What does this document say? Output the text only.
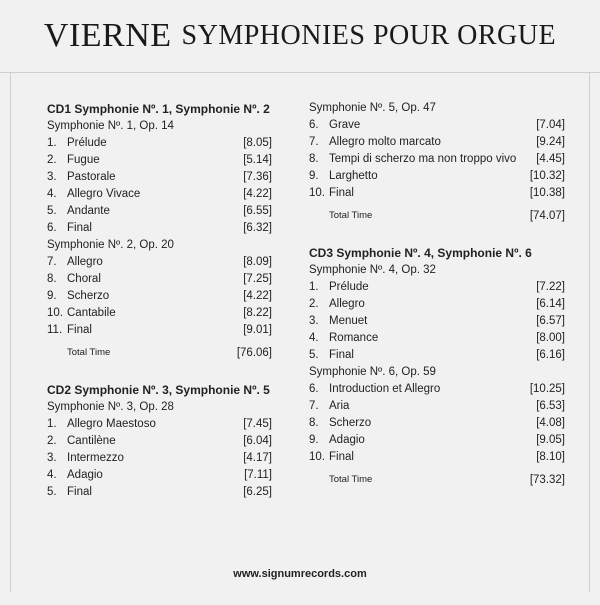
VIERNE SYMPHONIES POUR ORGUE
CD1 Symphonie Nº. 1, Symphonie Nº. 2
Symphonie Nº. 1, Op. 14
1. Prélude	[8.05]
2. Fugue	[5.14]
3. Pastorale	[7.36]
4. Allegro Vivace	[4.22]
5. Andante	[6.55]
6. Final	[6.32]
Symphonie Nº. 2, Op. 20
7. Allegro	[8.09]
8. Choral	[7.25]
9. Scherzo	[4.22]
10. Cantabile	[8.22]
11. Final	[9.01]
Total Time	[76.06]
CD2 Symphonie Nº. 3, Symphonie Nº. 5
Symphonie Nº. 3, Op. 28
1. Allegro Maestoso	[7.45]
2. Cantilène	[6.04]
3. Intermezzo	[4.17]
4. Adagio	[7.11]
5. Final	[6.25]
Symphonie Nº. 5, Op. 47
6. Grave	[7.04]
7. Allegro molto marcato	[9.24]
8. Tempi di scherzo ma non troppo vivo	[4.45]
9. Larghetto	[10.32]
10. Final	[10.38]
Total Time	[74.07]
CD3 Symphonie Nº. 4, Symphonie Nº. 6
Symphonie Nº. 4, Op. 32
1. Prélude	[7.22]
2. Allegro	[6.14]
3. Menuet	[6.57]
4. Romance	[8.00]
5. Final	[6.16]
Symphonie Nº. 6, Op. 59
6. Introduction et Allegro	[10.25]
7. Aria	[6.53]
8. Scherzo	[4.08]
9. Adagio	[9.05]
10. Final	[8.10]
Total Time	[73.32]
www.signumrecords.com
